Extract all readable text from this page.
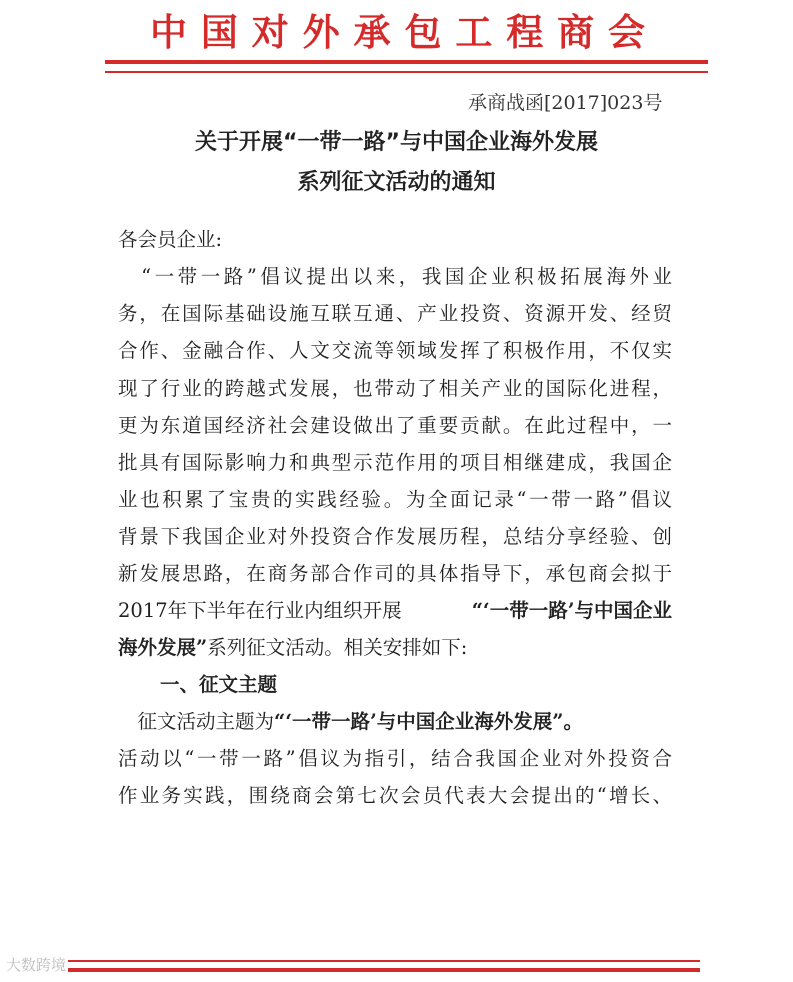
中国对外承包工程商会
承商战函[2017]023号
关于开展“一带一路”与中国企业海外发展
系列征文活动的通知
各会员企业:
　“一带一路”倡议提出以来，我国企业积极拓展海外业
务，在国际基础设施互联互通、产业投资、资源开发、经贸
合作、金融合作、人文交流等领域发挥了积极作用，不仅实
现了行业的跨越式发展，也带动了相关产业的国际化进程，
更为东道国经济社会建设做出了重要贡献。在此过程中，一
批具有国际影响力和典型示范作用的项目相继建成，我国企
业也积累了宝贵的实践经验。为全面记录“一带一路”倡议
背景下我国企业对外投资合作发展历程，总结分享经验、创
新发展思路，在商务部合作司的具体指导下，承包商会拟于
2017年下半年在行业内组织开展	“‘一带一路’与中国企业
海外发展”系列征文活动。相关安排如下:
一、征文主题
　征文活动主题为“‘一带一路’与中国企业海外发展”。
活动以“一带一路”倡议为指引，结合我国企业对外投资合
作业务实践，围绕商会第七次会员代表大会提出的“增长、
大数跨境
